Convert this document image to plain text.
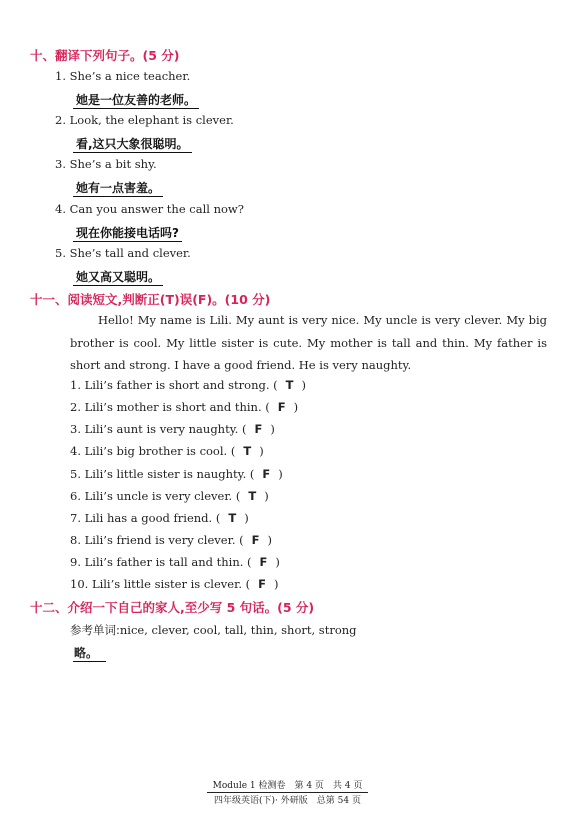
十、翻译下列句子。(5 分)
1. She’s a nice teacher.
她是一位友善的老师。
2. Look, the elephant is clever.
看,这只大象很聪明。
3. She’s a bit shy.
她有一点害羞。
4. Can you answer the call now?
现在你能接电话吗?
5. She’s tall and clever.
她又高又聪明。
十一、阅读短文,判断正(T)误(F)。(10 分)
Hello! My name is Lili. My aunt is very nice. My uncle is very clever. My big brother is cool. My little sister is cute. My mother is tall and thin. My father is short and strong. I have a good friend. He is very naughty.
1. Lili’s father is short and strong. ( T )
2. Lili’s mother is short and thin. ( F )
3. Lili’s aunt is very naughty. ( F )
4. Lili’s big brother is cool. ( T )
5. Lili’s little sister is naughty. ( F )
6. Lili’s uncle is very clever. ( T )
7. Lili has a good friend. ( T )
8. Lili’s friend is very clever. ( F )
9. Lili’s father is tall and thin. ( F )
10. Lili’s little sister is clever. ( F )
十二、介绍一下自己的家人,至少写 5 句话。(5 分)
参考单词:nice, clever, cool, tall, thin, short, strong
略。
Module 1 检测卷　第 4 页　共 4 页
四年级英语(下)· 外研版　总第 54 页
